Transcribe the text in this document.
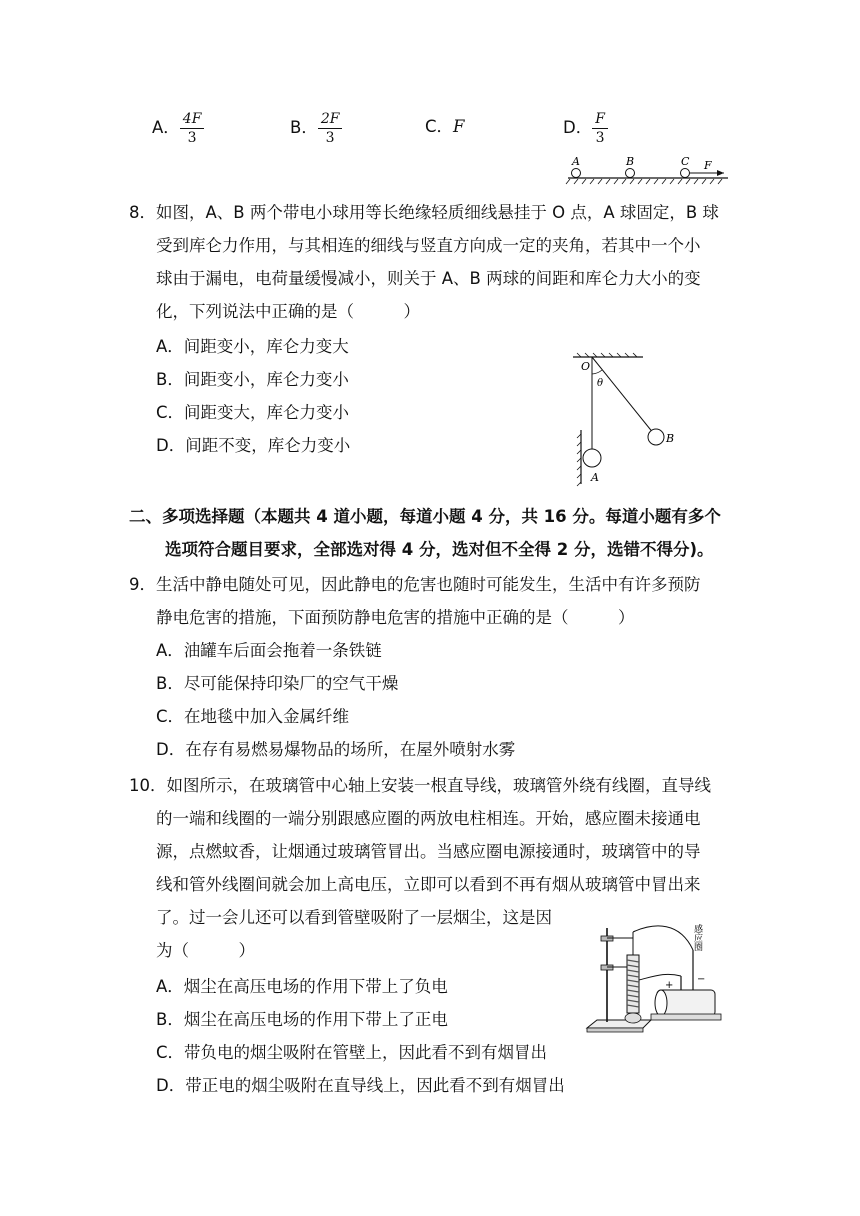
A． $\frac{4F}{3}$	B． $\frac{2F}{3}$	C．F	D． $\frac{F}{3}$
A	B	C F
8．如图，A、B 两个带电小球用等长绝缘轻质细线悬挂于 O 点，A 球固定，B 球
受到库仑力作用，与其相连的细线与竖直方向成一定的夹角，若其中一个小
球由于漏电，电荷量缓慢减小，则关于 A、B 两球的间距和库仑力大小的变
化，下列说法中正确的是（　　　）
A．间距变小，库仑力变大
B．间距变小，库仑力变小
C．间距变大，库仑力变小
D．间距不变，库仑力变小
O
θ
A
B
二、多项选择题（本题共 4 道小题，每道小题 4 分，共 16 分。每道小题有多个
选项符合题目要求，全部选对得 4 分，选对但不全得 2 分，选错不得分)。
9．生活中静电随处可见，因此静电的危害也随时可能发生，生活中有许多预防
静电危害的措施，下面预防静电危害的措施中正确的是（　　　）
A．油罐车后面会拖着一条铁链
B．尽可能保持印染厂的空气干燥
C．在地毯中加入金属纤维
D．在存有易燃易爆物品的场所，在屋外喷射水雾
10．如图所示，在玻璃管中心轴上安装一根直导线，玻璃管外绕有线圈，直导线
的一端和线圈的一端分别跟感应圈的两放电柱相连。开始，感应圈未接通电
源，点燃蚊香，让烟通过玻璃管冒出。当感应圈电源接通时，玻璃管中的导
线和管外线圈间就会加上高电压，立即可以看到不再有烟从玻璃管中冒出来
了。过一会儿还可以看到管壁吸附了一层烟尘，这是因
为（　　　）
A．烟尘在高压电场的作用下带上了负电
B．烟尘在高压电场的作用下带上了正电
C．带负电的烟尘吸附在管壁上，因此看不到有烟冒出
D．带正电的烟尘吸附在直导线上，因此看不到有烟冒出
+
−
感应圈
